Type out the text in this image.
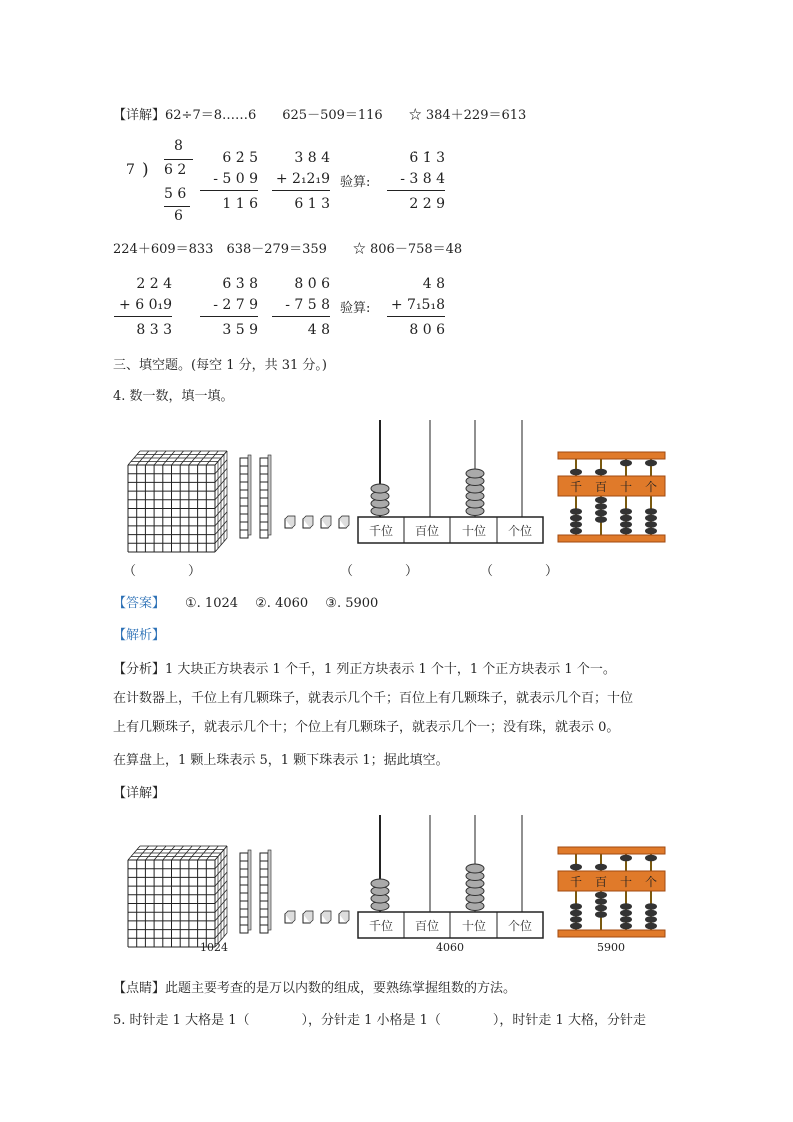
【详解】62÷7＝8……6　　625－509＝116　　☆ 384＋229＝613
8
7 ) 6 2
5 6
6
6 2̇ 5
- 5 0 9
1 1 6
3 8 4
+ 2₁2₁9
6 1 3
6̇ 1̇ 3
- 3 8 4
2 2 9
验算:
224＋609＝833　638－279＝359　　☆ 806－758＝48
2 2 4
+ 6 0₁9
8 3 3
6̇ 3̇ 8
- 2 7 9
3 5 9
8̇ 0̇ 6
- 7 5 8
4 8
4 8
+ 7₁5₁8
8 0 6
验算:
三、填空题。(每空 1 分，共 31 分。)
4. 数一数，填一填。
千位 百位 十位 个位
千 百 十 个
千位 百位 十位 个位
千 百 十 个
（　　　　）	（　　　　）	（　　　　）
【答案】 ①. 1024　 ②. 4060　 ③. 5900
【解析】
【分析】1 大块正方块表示 1 个千，1 列正方块表示 1 个十，1 个正方块表示 1 个一。
在计数器上，千位上有几颗珠子，就表示几个千；百位上有几颗珠子，就表示几个百；十位
上有几颗珠子，就表示几个十；个位上有几颗珠子，就表示几个一；没有珠，就表示 0。
在算盘上，1 颗上珠表示 5，1 颗下珠表示 1；据此填空。
【详解】
1024	4060	5900
【点睛】此题主要考查的是万以内数的组成，要熟练掌握组数的方法。
5. 时针走 1 大格是 1（　　　　），分针走 1 小格是 1（　　　　），时针走 1 大格，分针走
